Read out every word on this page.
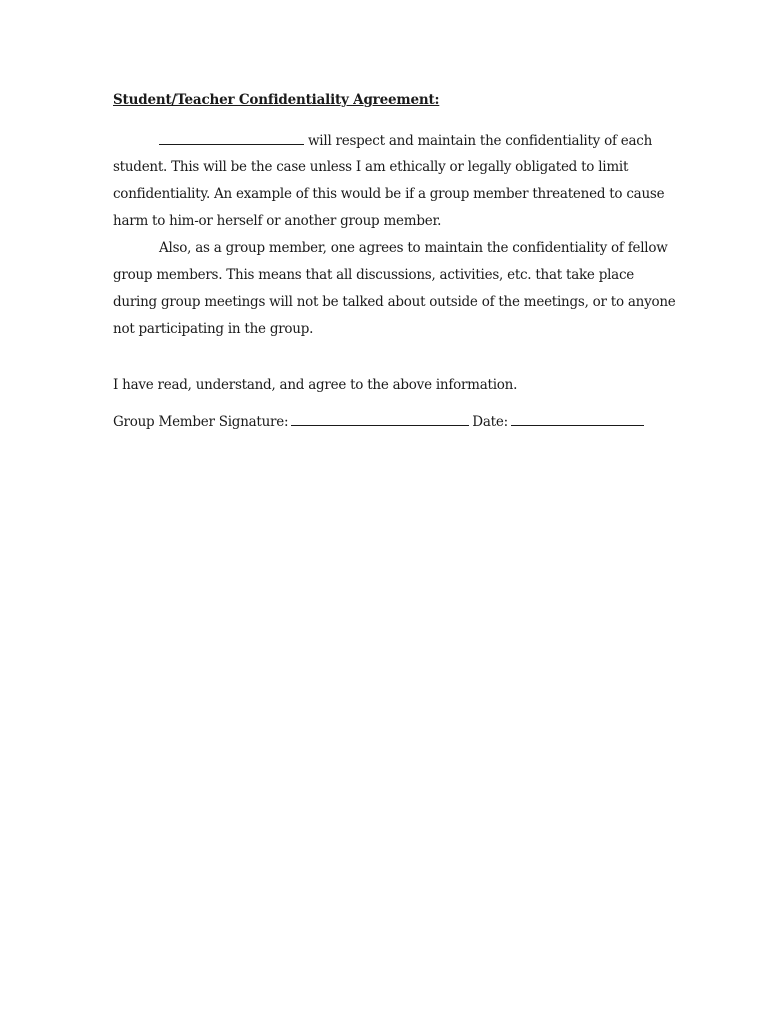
Student/Teacher Confidentiality Agreement:
will respect and maintain the confidentiality of each
student. This will be the case unless I am ethically or legally obligated to limit
confidentiality. An example of this would be if a group member threatened to cause
harm to him-or herself or another group member.
Also, as a group member, one agrees to maintain the confidentiality of fellow
group members. This means that all discussions, activities, etc. that take place
during group meetings will not be talked about outside of the meetings, or to anyone
not participating in the group.
I have read, understand, and agree to the above information.
Group Member Signature:	Date:
